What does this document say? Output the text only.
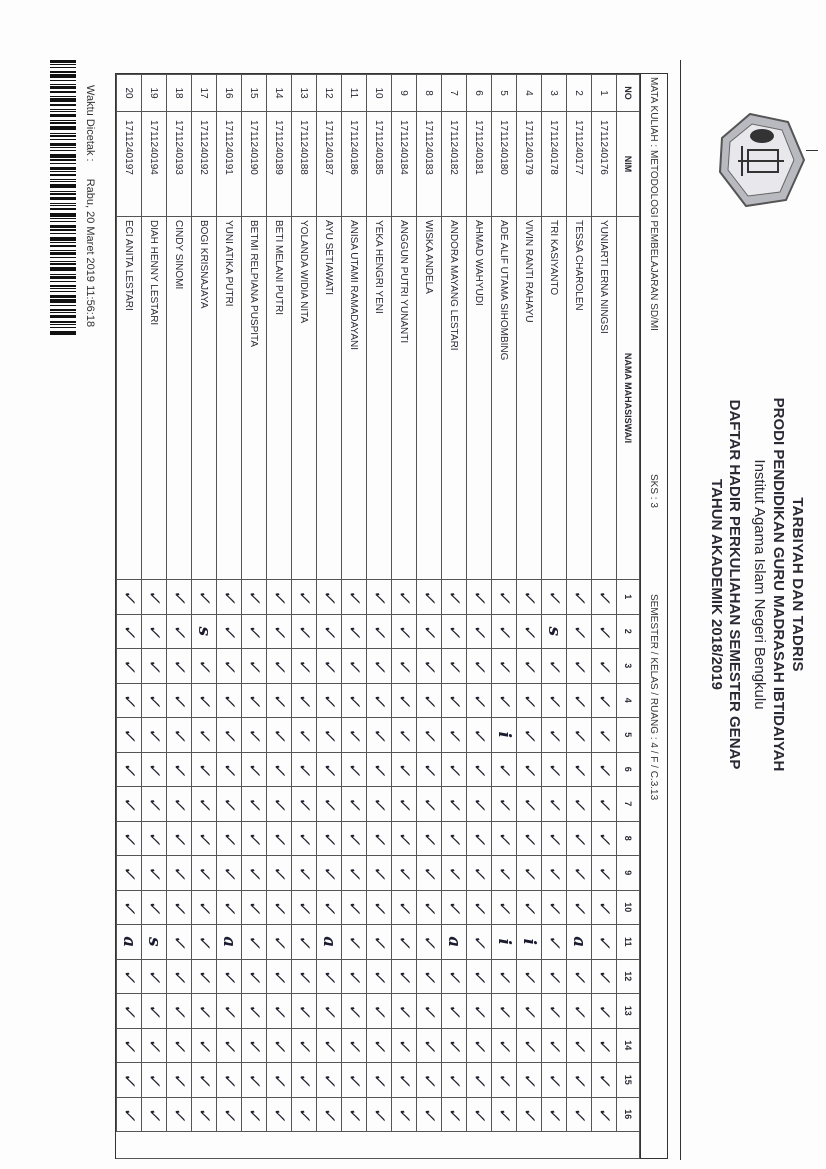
TARBIYAH DAN TADRIS
PRODI PENDIDIKAN GURU MADRASAH IBTIDAIYAH
Institut Agama Islam Negeri Bengkulu
DAFTAR HADIR PERKULIAHAN SEMESTER GENAP
TAHUN AKADEMIK 2018/2019
MATA KULIAH : METODOLOGI PEMBELAJARAN SD/MI
SKS : 3
SEMESTER / KELAS / RUANG : 4 / F / C.3.13
NO	NIM	NAMA MAHASISWA/I	1	2	3	4	5	6	7	8	9	10	11	12	13	14	15	16	
1	1711240176	YUNIARTI ERNA NINGSI	✓	✓	✓	✓	✓	✓	✓	✓	✓	✓	✓	✓	✓	✓	✓	✓	
2	1711240177	TESSA CHAROLEN	✓	✓	✓	✓	✓	✓	✓	✓	✓	✓	a	✓	✓	✓	✓	✓	
3	1711240178	TRI KASIYANTO	✓	s	✓	✓	✓	✓	✓	✓	✓	✓	✓	✓	✓	✓	✓	✓	
4	1711240179	VIVIN RANTI RAHAYU	✓	✓	✓	✓	✓	✓	✓	✓	✓	✓	i	✓	✓	✓	✓	✓	
5	1711240180	ADE ALIF UTAMA SIHOMBING	✓	✓	✓	✓	i	✓	✓	✓	✓	✓	i	✓	✓	✓	✓	✓	
6	1711240181	AHMAD WAHYUDI	✓	✓	✓	✓	✓	✓	✓	✓	✓	✓	✓	✓	✓	✓	✓	✓	
7	1711240182	ANDORA MAYANG LESTARI	✓	✓	✓	✓	✓	✓	✓	✓	✓	✓	a	✓	✓	✓	✓	✓	
8	1711240183	WISKA ANDELA	✓	✓	✓	✓	✓	✓	✓	✓	✓	✓	✓	✓	✓	✓	✓	✓	
9	1711240184	ANGGUN PUTRI YUNANTI	✓	✓	✓	✓	✓	✓	✓	✓	✓	✓	✓	✓	✓	✓	✓	✓	
10	1711240185	YEKA HENGRI YENI	✓	✓	✓	✓	✓	✓	✓	✓	✓	✓	✓	✓	✓	✓	✓	✓	
11	1711240186	ANISA UTAMI RAMADAYANI	✓	✓	✓	✓	✓	✓	✓	✓	✓	✓	✓	✓	✓	✓	✓	✓	
12	1711240187	AYU SETIAWATI	✓	✓	✓	✓	✓	✓	✓	✓	✓	✓	a	✓	✓	✓	✓	✓	
13	1711240188	YOLANDA WIDIA NITA	✓	✓	✓	✓	✓	✓	✓	✓	✓	✓	✓	✓	✓	✓	✓	✓	
14	1711240189	BETI MELANI PUTRI	✓	✓	✓	✓	✓	✓	✓	✓	✓	✓	✓	✓	✓	✓	✓	✓	
15	1711240190	BETMI RELPIANA PUSPITA	✓	✓	✓	✓	✓	✓	✓	✓	✓	✓	✓	✓	✓	✓	✓	✓	
16	1711240191	YUNI ATIKA PUTRI	✓	✓	✓	✓	✓	✓	✓	✓	✓	✓	a	✓	✓	✓	✓	✓	
17	1711240192	BOGI KRISNAJAYA	✓	s	✓	✓	✓	✓	✓	✓	✓	✓	✓	✓	✓	✓	✓	✓	
18	1711240193	CINDY SINOMI	✓	✓	✓	✓	✓	✓	✓	✓	✓	✓	✓	✓	✓	✓	✓	✓	
19	1711240194	DIAH HENNY LESTARI	✓	✓	✓	✓	✓	✓	✓	✓	✓	✓	s	✓	✓	✓	✓	✓	
20	1711240197	ECI ANITA LESTARI	✓	✓	✓	✓	✓	✓	✓	✓	✓	✓	a	✓	✓	✓	✓	✓	
Waktu Dicetak : Rabu, 20 Maret 2019 11:56:18
